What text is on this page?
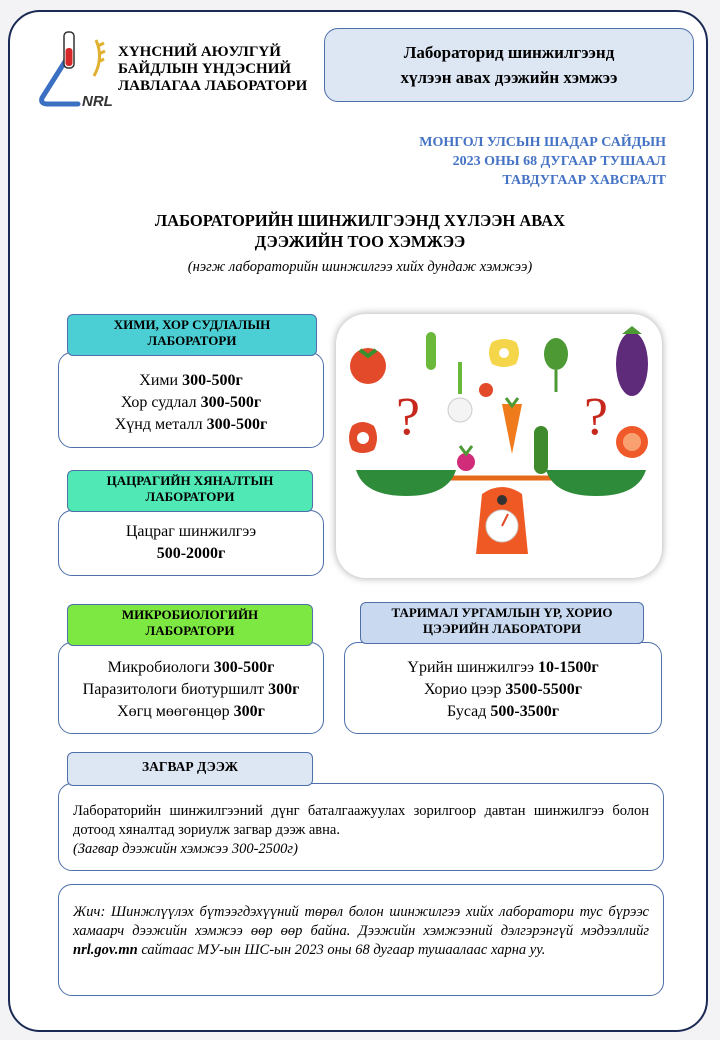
NRL
ХҮНСНИЙ АЮУЛГҮЙ
БАЙДЛЫН ҮНДЭСНИЙ
ЛАВЛАГАА ЛАБОРАТОРИ
Лабораторид шинжилгээнд
хүлээн авах дээжийн хэмжээ
МОНГОЛ УЛСЫН ШАДАР САЙДЫН
2023 ОНЫ 68 ДУГААР ТУШААЛ
ТАВДУГААР ХАВСРАЛТ
ЛАБОРАТОРИЙН ШИНЖИЛГЭЭНД ХҮЛЭЭН АВАХ
ДЭЭЖИЙН ТОО ХЭМЖЭЭ
(нэгж лабораторийн шинжилгээ хийх дундаж хэмжээ)
Хими 300-500г
Хор судлал 300-500г
Хүнд металл 300-500г
ХИМИ, ХОР СУДЛАЛЫН
ЛАБОРАТОРИ
Цацраг шинжилгээ
500-2000г
ЦАЦРАГИЙН ХЯНАЛТЫН
ЛАБОРАТОРИ
?	?
Микробиологи 300-500г
Паразитологи биотуршилт 300г
Хөгц мөөгөнцөр 300г
МИКРОБИОЛОГИЙН
ЛАБОРАТОРИ
Үрийн шинжилгээ 10-1500г
Хорио цээр 3500-5500г
Бусад 500-3500г
ТАРИМАЛ УРГАМЛЫН ҮР, ХОРИО
ЦЭЭРИЙН ЛАБОРАТОРИ
Лабораторийн шинжилгээний дүнг баталгаажуулах зорилгоор давтан шинжилгээ болон дотоод хяналтад зориулж загвар дээж авна.
(Загвар дээжийн хэмжээ 300-2500г)
ЗАГВАР ДЭЭЖ
Жич: Шинжлүүлэх бүтээгдэхүүний төрөл болон шинжилгээ хийх лаборатори тус бүрээс хамаарч дээжийн хэмжээ өөр өөр байна. Дээжийн хэмжээний дэлгэрэнгүй мэдээллийг nrl.gov.mn сайтаас МУ-ын ШС-ын 2023 оны 68 дугаар тушаалаас харна уу.
